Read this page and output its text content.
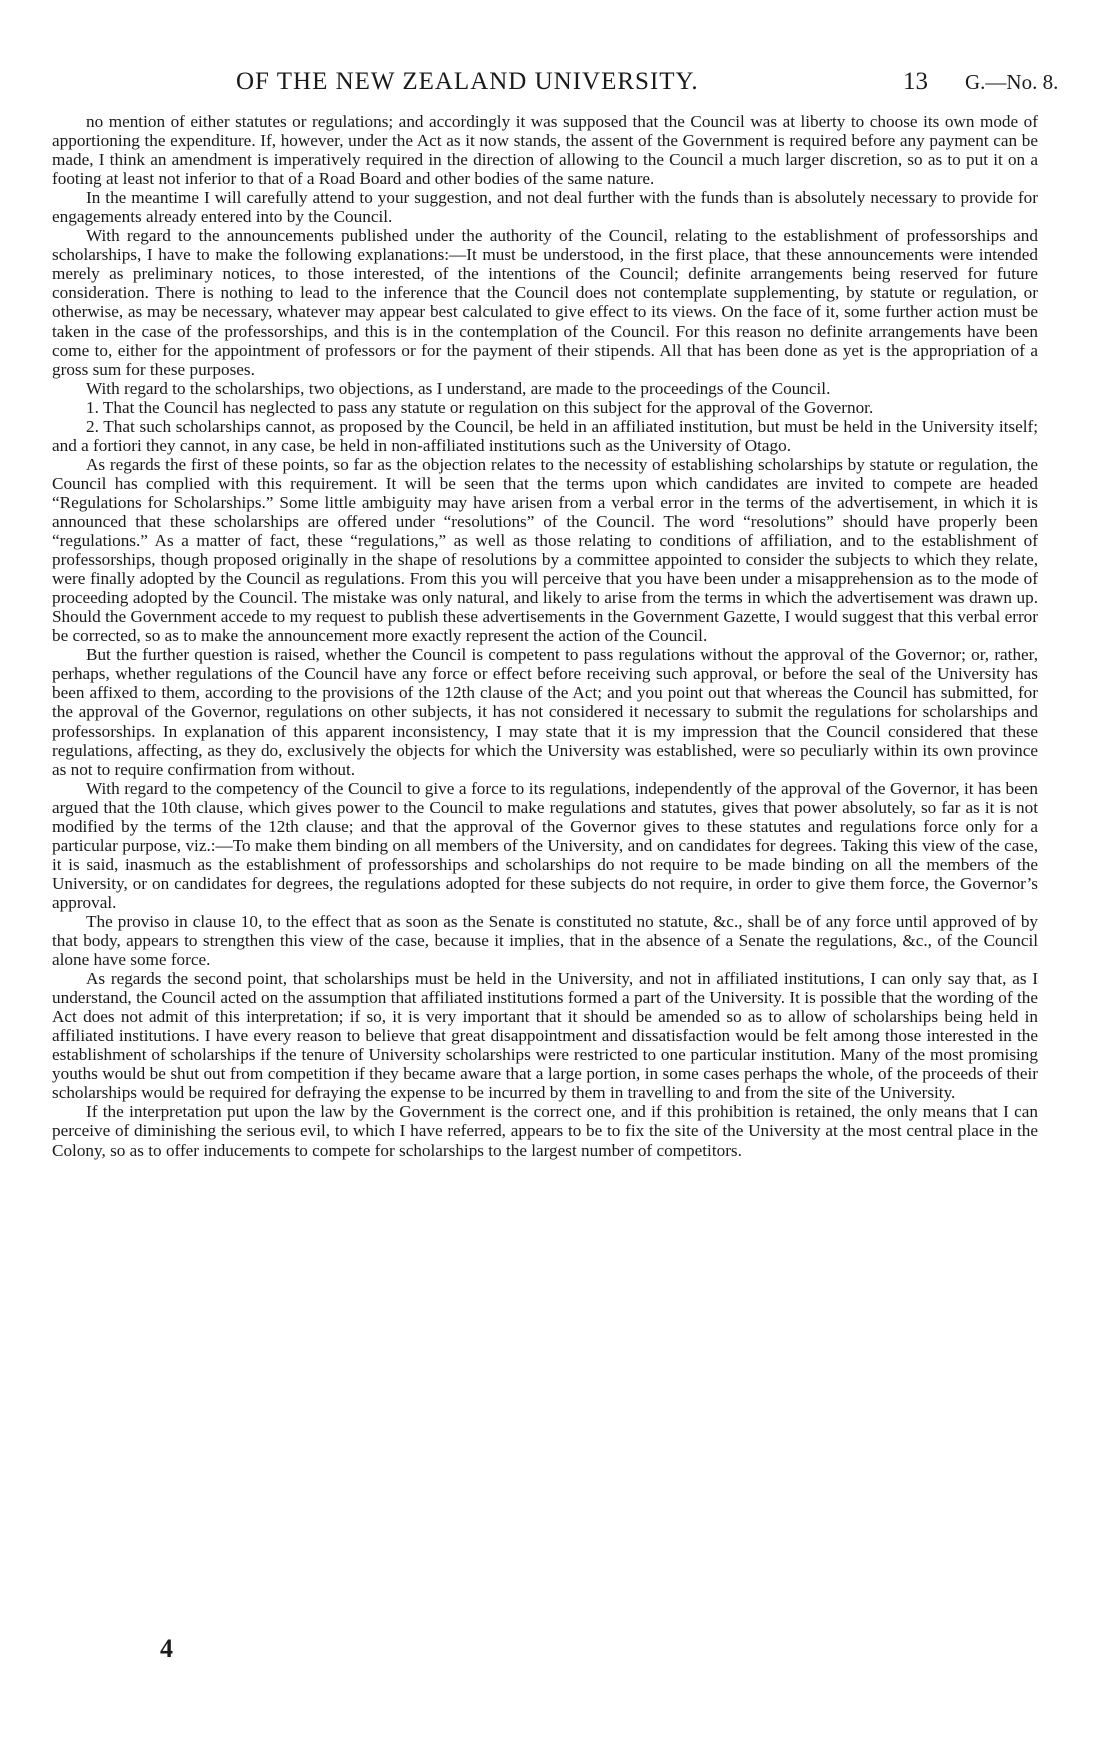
OF THE NEW ZEALAND UNIVERSITY.	13 G.—No. 8.

no mention of either statutes or regulations; and accordingly it was supposed that the Council was at liberty to choose its own mode of apportioning the expenditure. If, however, under the Act as it now stands, the assent of the Government is required before any payment can be made, I think an amendment is imperatively required in the direction of allowing to the Council a much larger discretion, so as to put it on a footing at least not inferior to that of a Road Board and other bodies of the same nature.

In the meantime I will carefully attend to your suggestion, and not deal further with the funds than is absolutely necessary to provide for engagements already entered into by the Council.

With regard to the announcements published under the authority of the Council, relating to the establishment of professorships and scholarships, I have to make the following explanations:—It must be understood, in the first place, that these announcements were intended merely as preliminary notices, to those interested, of the intentions of the Council; definite arrangements being reserved for future consideration. There is nothing to lead to the inference that the Council does not contemplate supplementing, by statute or regulation, or otherwise, as may be necessary, whatever may appear best calculated to give effect to its views. On the face of it, some further action must be taken in the case of the professorships, and this is in the contemplation of the Council. For this reason no definite arrangements have been come to, either for the appointment of professors or for the payment of their stipends. All that has been done as yet is the appropriation of a gross sum for these purposes.

With regard to the scholarships, two objections, as I understand, are made to the proceedings of the Council.

1. That the Council has neglected to pass any statute or regulation on this subject for the approval of the Governor.

2. That such scholarships cannot, as proposed by the Council, be held in an affiliated institution, but must be held in the University itself; and a fortiori they cannot, in any case, be held in non-affiliated institutions such as the University of Otago.

As regards the first of these points, so far as the objection relates to the necessity of establishing scholarships by statute or regulation, the Council has complied with this requirement. It will be seen that the terms upon which candidates are invited to compete are headed “Regulations for Scholarships.” Some little ambiguity may have arisen from a verbal error in the terms of the advertisement, in which it is announced that these scholarships are offered under “resolutions” of the Council. The word “resolutions” should have properly been “regulations.” As a matter of fact, these “regulations,” as well as those relating to conditions of affiliation, and to the establishment of professorships, though proposed originally in the shape of resolutions by a committee appointed to consider the subjects to which they relate, were finally adopted by the Council as regulations. From this you will perceive that you have been under a misapprehension as to the mode of proceeding adopted by the Council. The mistake was only natural, and likely to arise from the terms in which the advertisement was drawn up. Should the Government accede to my request to publish these advertisements in the Government Gazette, I would suggest that this verbal error be corrected, so as to make the announcement more exactly represent the action of the Council.

But the further question is raised, whether the Council is competent to pass regulations without the approval of the Governor; or, rather, perhaps, whether regulations of the Council have any force or effect before receiving such approval, or before the seal of the University has been affixed to them, according to the provisions of the 12th clause of the Act; and you point out that whereas the Council has submitted, for the approval of the Governor, regulations on other subjects, it has not considered it necessary to submit the regulations for scholarships and professorships. In explanation of this apparent inconsistency, I may state that it is my impression that the Council considered that these regulations, affecting, as they do, exclusively the objects for which the University was established, were so peculiarly within its own province as not to require confirmation from without.

With regard to the competency of the Council to give a force to its regulations, independently of the approval of the Governor, it has been argued that the 10th clause, which gives power to the Council to make regulations and statutes, gives that power absolutely, so far as it is not modified by the terms of the 12th clause; and that the approval of the Governor gives to these statutes and regulations force only for a particular purpose, viz.:—To make them binding on all members of the University, and on candidates for degrees. Taking this view of the case, it is said, inasmuch as the establishment of professorships and scholarships do not require to be made binding on all the members of the University, or on candidates for degrees, the regulations adopted for these subjects do not require, in order to give them force, the Governor’s approval.

The proviso in clause 10, to the effect that as soon as the Senate is constituted no statute, &c., shall be of any force until approved of by that body, appears to strengthen this view of the case, because it implies, that in the absence of a Senate the regulations, &c., of the Council alone have some force.

As regards the second point, that scholarships must be held in the University, and not in affiliated institutions, I can only say that, as I understand, the Council acted on the assumption that affiliated institutions formed a part of the University. It is possible that the wording of the Act does not admit of this interpretation; if so, it is very important that it should be amended so as to allow of scholarships being held in affiliated institutions. I have every reason to believe that great disappointment and dissatisfaction would be felt among those interested in the establishment of scholarships if the tenure of University scholarships were restricted to one particular institution. Many of the most promising youths would be shut out from competition if they became aware that a large portion, in some cases perhaps the whole, of the proceeds of their scholarships would be required for defraying the expense to be incurred by them in travelling to and from the site of the University.

If the interpretation put upon the law by the Government is the correct one, and if this prohibition is retained, the only means that I can perceive of diminishing the serious evil, to which I have referred, appears to be to fix the site of the University at the most central place in the Colony, so as to offer inducements to compete for scholarships to the largest number of competitors.

4
